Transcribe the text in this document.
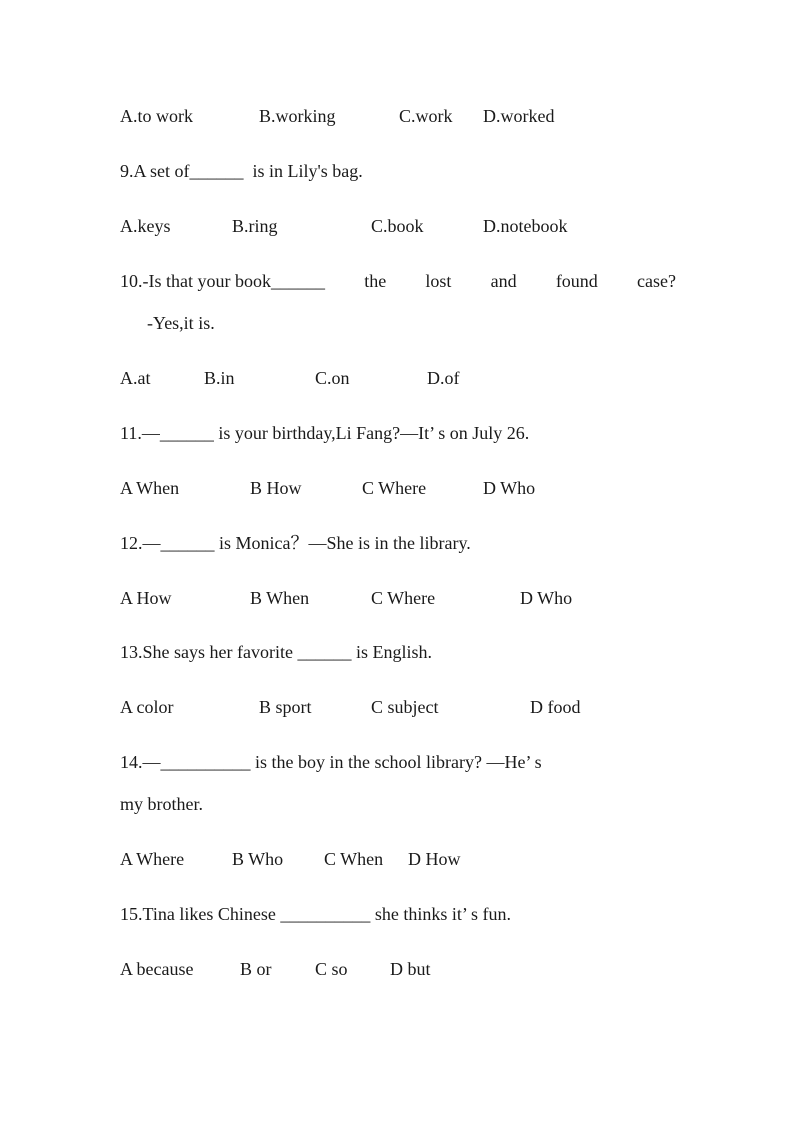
A.to work	B.working	C.work D.worked
9.A set of______  is in Lily's bag.
A.keys	B.ring	C.book	D.notebook
10.-Is that your book______ the lost and found case?
-Yes,it is.
A.at	B.in	C.on	D.of
11.—______ is your birthday,Li Fang?—It’ s on July 26.
A When	B How	C Where	D Who
12.—______ is Monica？—She is in the library.
A How	B When	C Where	D Who
13.She says her favorite ______ is English.
A color	B sport	C subject	D food
14.—__________ is the boy in the school library? —He’ s
my brother.
A Where	B Who C When D How
15.Tina likes Chinese __________ she thinks it’ s fun.
A because	B or C so D but
